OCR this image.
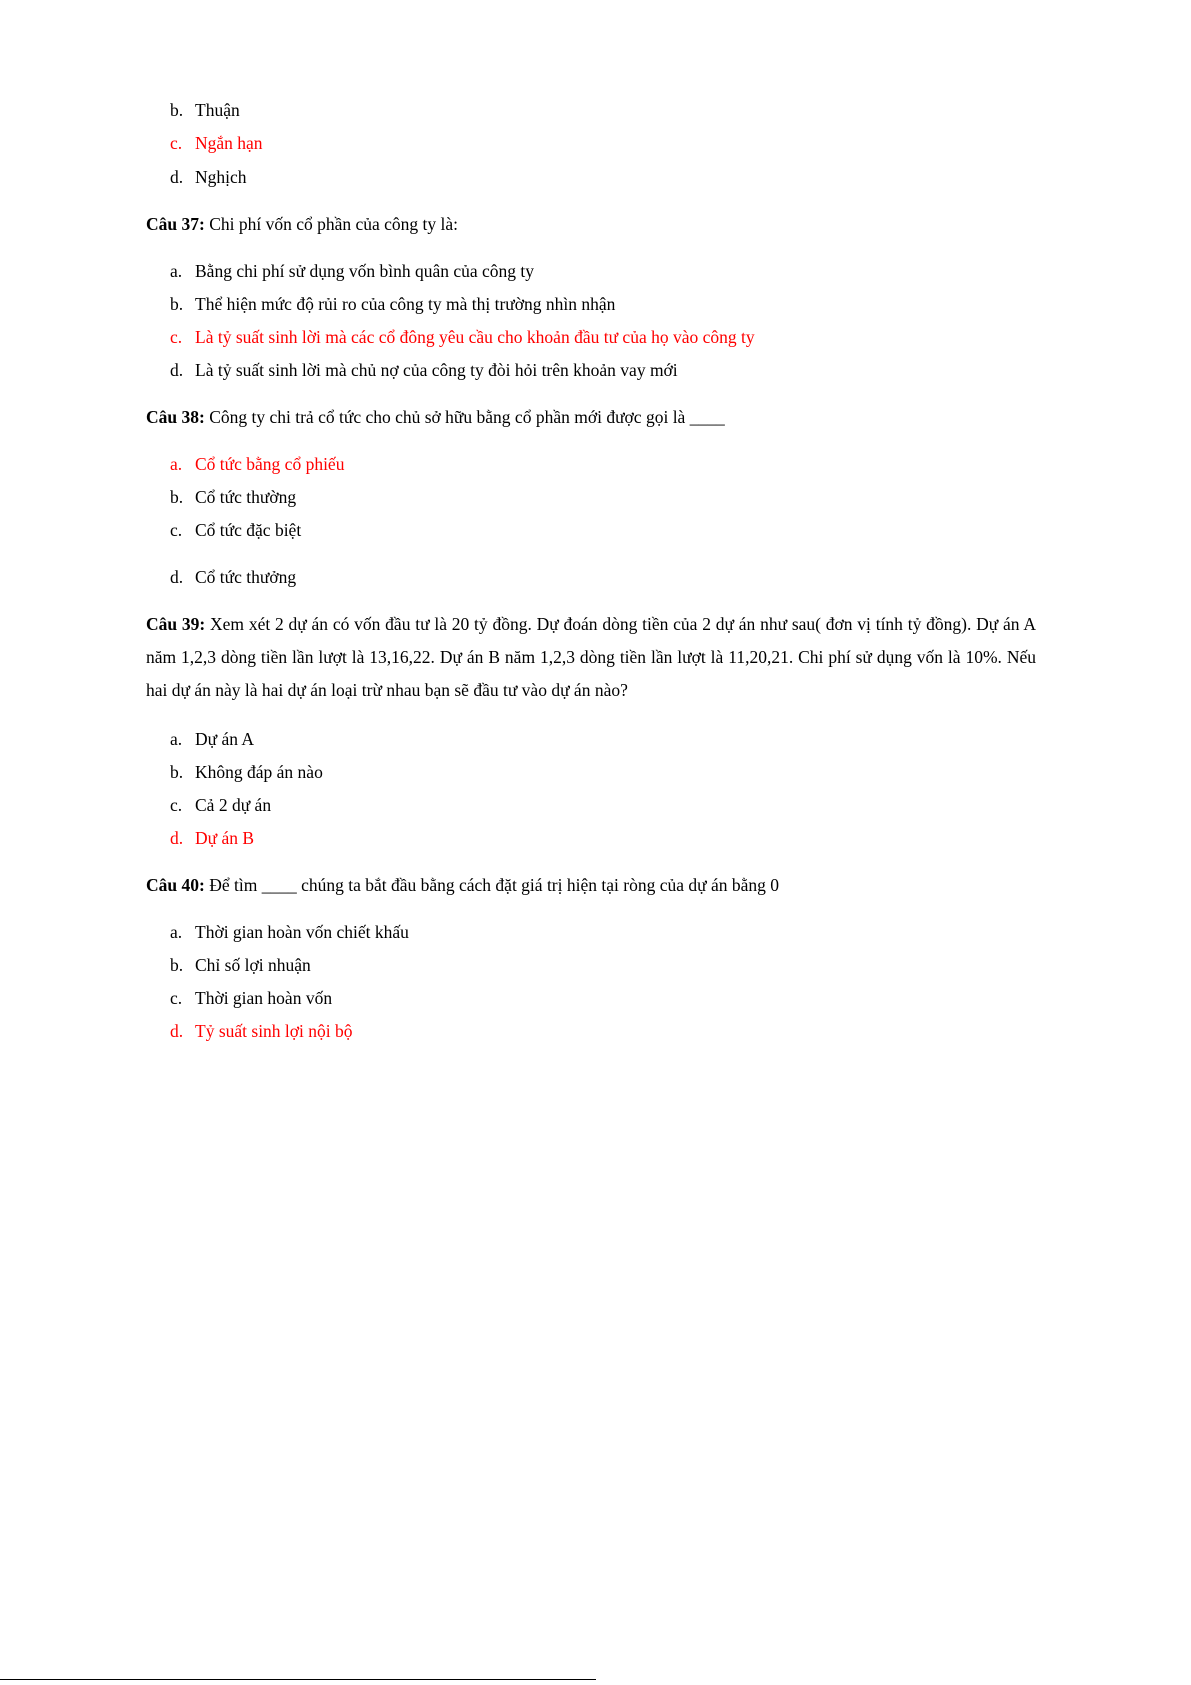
b. Thuận
c. Ngắn hạn
d. Nghịch
Câu 37: Chi phí vốn cổ phần của công ty là:
a. Bằng chi phí sử dụng vốn bình quân của công ty
b. Thể hiện mức độ rủi ro của công ty mà thị trường nhìn nhận
c. Là tỷ suất sinh lời mà các cổ đông yêu cầu cho khoản đầu tư của họ vào công ty
d. Là tỷ suất sinh lời mà chủ nợ của công ty đòi hỏi trên khoản vay mới
Câu 38: Công ty chi trả cổ tức cho chủ sở hữu bằng cổ phần mới được gọi là ____
a. Cổ tức bằng cổ phiếu
b. Cổ tức thường
c. Cổ tức đặc biệt
d. Cổ tức thưởng
Câu 39: Xem xét 2 dự án có vốn đầu tư là 20 tỷ đồng. Dự đoán dòng tiền của 2 dự án như sau( đơn vị tính tỷ đồng). Dự án A năm 1,2,3 dòng tiền lần lượt là 13,16,22. Dự án B năm 1,2,3 dòng tiền lần lượt là 11,20,21. Chi phí sử dụng vốn là 10%. Nếu hai dự án này là hai dự án loại trừ nhau bạn sẽ đầu tư vào dự án nào?
a. Dự án A
b. Không đáp án nào
c. Cả 2 dự án
d. Dự án B
Câu 40: Để tìm ____ chúng ta bắt đầu bằng cách đặt giá trị hiện tại ròng của dự án bằng 0
a. Thời gian hoàn vốn chiết khấu
b. Chỉ số lợi nhuận
c. Thời gian hoàn vốn
d. Tỷ suất sinh lợi nội bộ
